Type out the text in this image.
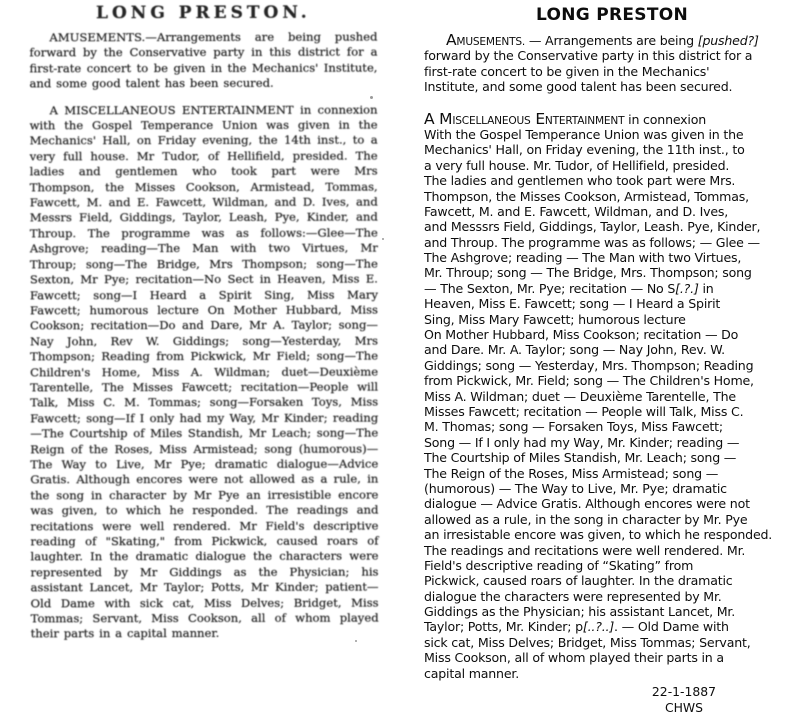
LONG PRESTON.

AMUSEMENTS.—Arrangements are being pushed forward by the Conservative party in this district for a first-rate concert to be given in the Mechanics' Institute, and some good talent has been secured.

A MISCELLANEOUS ENTERTAINMENT in connexion with the Gospel Temperance Union was given in the Mechanics' Hall, on Friday evening, the 14th inst., to a very full house. Mr Tudor, of Hellifield, presided. The ladies and gentlemen who took part were Mrs Thompson, the Misses Cookson, Armistead, Tommas, Fawcett, M. and E. Fawcett, Wildman, and D. Ives, and Messrs Field, Giddings, Taylor, Leash, Pye, Kinder, and Throup. The programme was as follows:—Glee—The Ashgrove; reading—The Man with two Virtues, Mr Throup; song—The Bridge, Mrs Thompson; song—The Sexton, Mr Pye; recitation—No Sect in Heaven, Miss E. Fawcett; song—I Heard a Spirit Sing, Miss Mary Fawcett; humorous lecture On Mother Hubbard, Miss Cookson; recitation—Do and Dare, Mr A. Taylor; song—Nay John, Rev W. Giddings; song—Yesterday, Mrs Thompson; Reading from Pickwick, Mr Field; song—The Children's Home, Miss A. Wildman; duet—Deuxième Tarentelle, The Misses Fawcett; recitation—People will Talk, Miss C. M. Tommas; song—Forsaken Toys, Miss Fawcett; song—If I only had my Way, Mr Kinder; reading—The Courtship of Miles Standish, Mr Leach; song—The Reign of the Roses, Miss Armistead; song (humorous)—The Way to Live, Mr Pye; dramatic dialogue—Advice Gratis. Although encores were not allowed as a rule, in the song in character by Mr Pye an irresistible encore was given, to which he responded. The readings and recitations were well rendered. Mr Field's descriptive reading of "Skating," from Pickwick, caused roars of laughter. In the dramatic dialogue the characters were represented by Mr Giddings as the Physician; his assistant Lancet, Mr Taylor; Potts, Mr Kinder; patient—Old Dame with sick cat, Miss Delves; Bridget, Miss Tommas; Servant, Miss Cookson, all of whom played their parts in a capital manner.

LONG PRESTON
AMUSEMENTS. — Arrangements are being [pushed?]
forward by the Conservative party in this district for a
first-rate concert to be given in the Mechanics'
Institute, and some good talent has been secured.
A MISCELLANEOUS ENTERTAINMENT in connexion
With the Gospel Temperance Union was given in the
Mechanics' Hall, on Friday evening, the 11th inst., to
a very full house. Mr. Tudor, of Hellifield, presided.
The ladies and gentlemen who took part were Mrs.
Thompson, the Misses Cookson, Armistead, Tommas,
Fawcett, M. and E. Fawcett, Wildman, and D. Ives,
and Messsrs Field, Giddings, Taylor, Leash. Pye, Kinder,
and Throup. The programme was as follows; — Glee —
The Ashgrove; reading — The Man with two Virtues,
Mr. Throup; song — The Bridge, Mrs. Thompson; song
— The Sexton, Mr. Pye; recitation — No S[.?.] in
Heaven, Miss E. Fawcett; song — I Heard a Spirit
Sing, Miss Mary Fawcett; humorous lecture
On Mother Hubbard, Miss Cookson; recitation — Do
and Dare. Mr. A. Taylor; song — Nay John, Rev. W.
Giddings; song — Yesterday, Mrs. Thompson; Reading
from Pickwick, Mr. Field; song — The Children's Home,
Miss A. Wildman; duet — Deuxième Tarentelle, The
Misses Fawcett; recitation — People will Talk, Miss C.
M. Thomas; song — Forsaken Toys, Miss Fawcett;
Song — If I only had my Way, Mr. Kinder; reading —
The Courtship of Miles Standish, Mr. Leach; song —
The Reign of the Roses, Miss Armistead; song —
(humorous) — The Way to Live, Mr. Pye; dramatic
dialogue — Advice Gratis. Although encores were not
allowed as a rule, in the song in character by Mr. Pye
an irresistable encore was given, to which he responded.
The readings and recitations were well rendered. Mr.
Field's descriptive reading of “Skating” from
Pickwick, caused roars of laughter. In the dramatic
dialogue the characters were represented by Mr.
Giddings as the Physician; his assistant Lancet, Mr.
Taylor; Potts, Mr. Kinder; p[..?..]. — Old Dame with
sick cat, Miss Delves; Bridget, Miss Tommas; Servant,
Miss Cookson, all of whom played their parts in a
capital manner.
22-1-1887
CHWS
